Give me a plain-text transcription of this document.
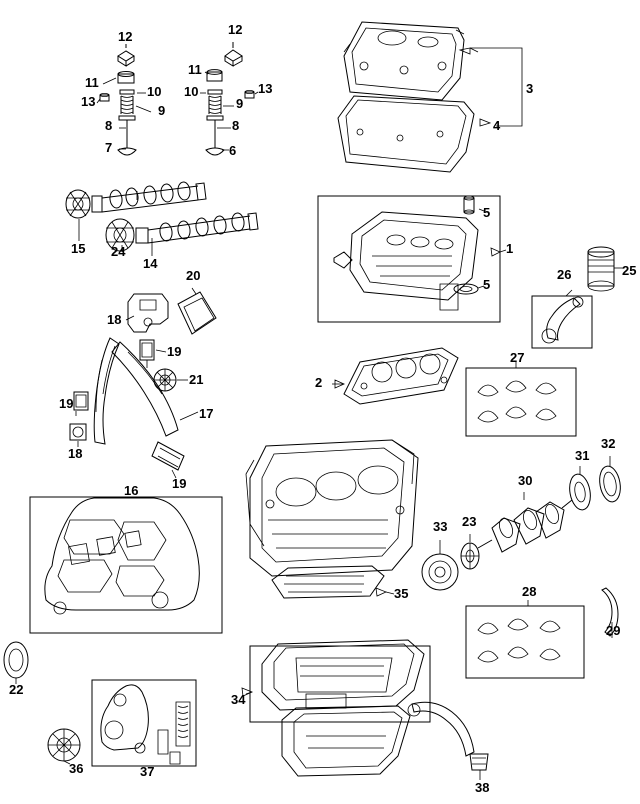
1
2
3
4
5
5
6
7
8	8
9	9
10 10
11
11
12	12
13
13
14
15
16
17
18
18
19
19
19
20
21
22
23
24
25
26
27
28
29
30
31
32
33
34
35
36	37
38
